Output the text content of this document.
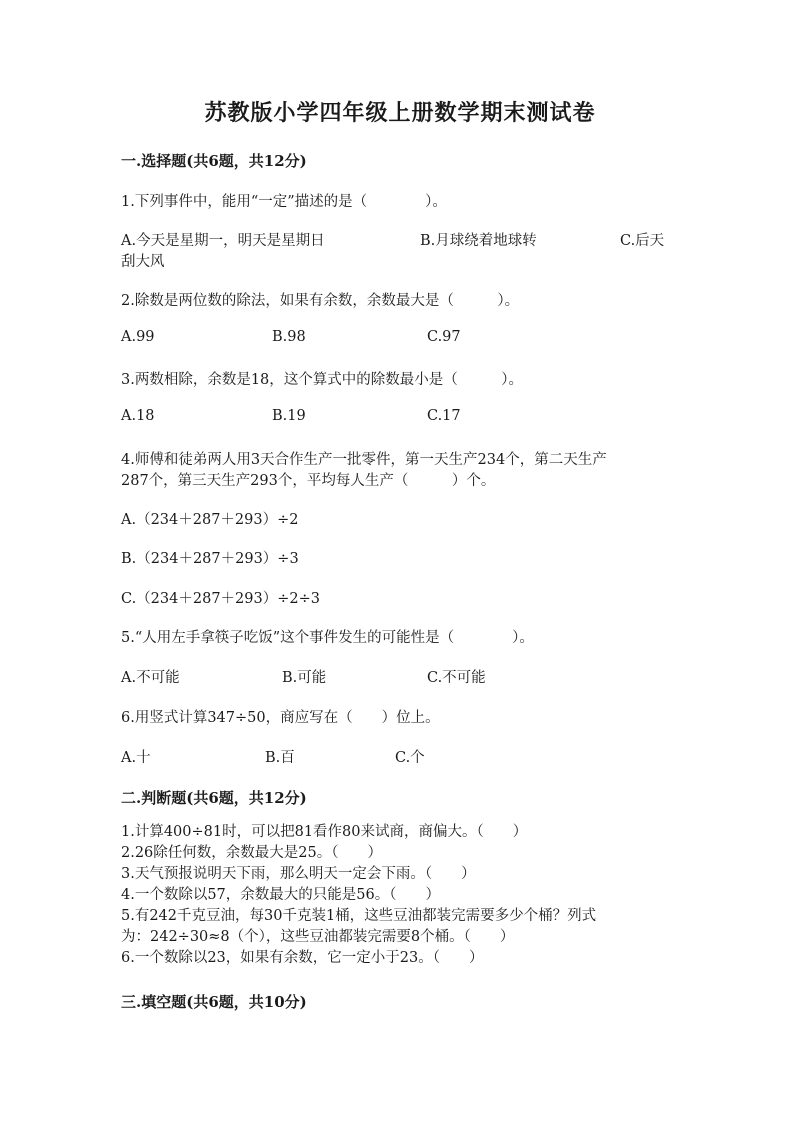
苏教版小学四年级上册数学期末测试卷
一.选择题(共6题，共12分)
1.下列事件中，能用“一定”描述的是（　　　　）。
A.今天是星期一，明天是星期日	B.月球绕着地球转	C.后天
刮大风
2.除数是两位数的除法，如果有余数，余数最大是（　　　）。
A.99	B.98	C.97
3.两数相除，余数是18，这个算式中的除数最小是（　　　）。
A.18	B.19	C.17
4.师傅和徒弟两人用3天合作生产一批零件，第一天生产234个，第二天生产
287个，第三天生产293个，平均每人生产（　　　）个。
A.（234＋287＋293）÷2
B.（234＋287＋293）÷3
C.（234＋287＋293）÷2÷3
5.“人用左手拿筷子吃饭”这个事件发生的可能性是（　　　　）。
A.不可能	B.可能	C.不可能
6.用竖式计算347÷50，商应写在（　　）位上。
A.十	B.百	C.个
二.判断题(共6题，共12分)
1.计算400÷81时，可以把81看作80来试商，商偏大。（　　）
2.26除任何数，余数最大是25。（　　）
3.天气预报说明天下雨，那么明天一定会下雨。（　　）
4.一个数除以57，余数最大的只能是56。（　　）
5.有242千克豆油，每30千克装1桶，这些豆油都装完需要多少个桶？列式
为：242÷30≈8（个），这些豆油都装完需要8个桶。（　　）
6.一个数除以23，如果有余数，它一定小于23。（　　）
三.填空题(共6题，共10分)
